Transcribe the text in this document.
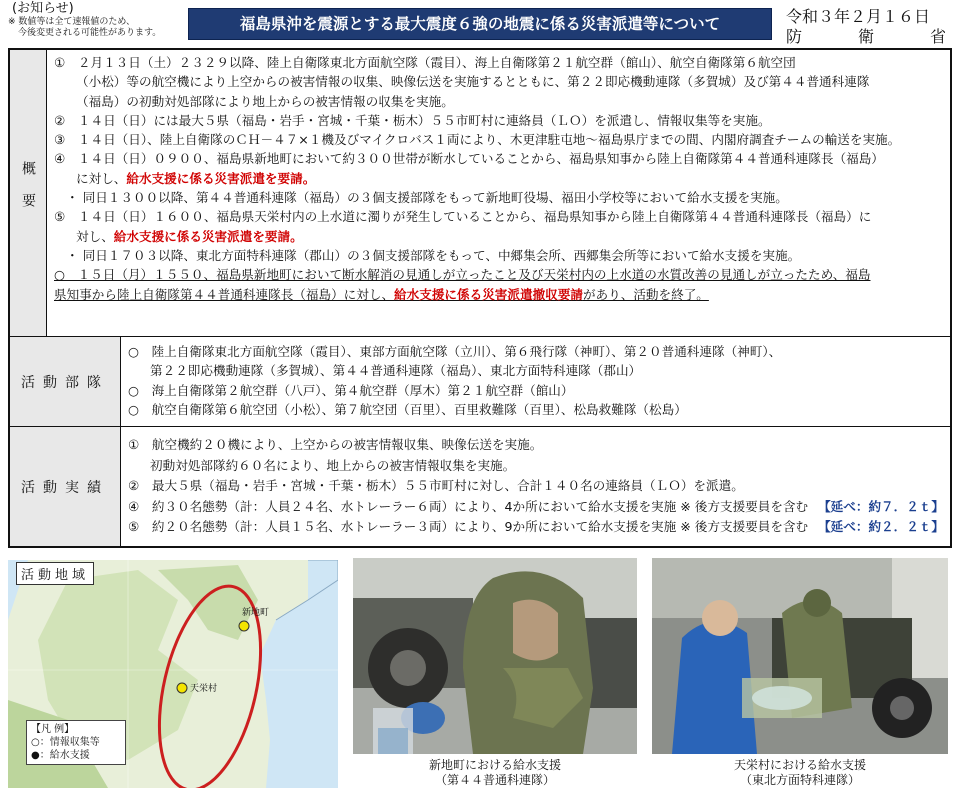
(お知らせ)
※ 数値等は全て速報値のため、
今後変更される可能性があります。	福島県沖を震源とする最大震度６強の地震に係る災害派遣等について	令和３年２月１６日
防	衛	省
概要

①　２月１３日（土）２３２９以降、陸上自衛隊東北方面航空隊（霞目）、海上自衛隊第２１航空群（館山）、航空自衛隊第６航空団

（小松）等の航空機により上空からの被害情報の収集、映像伝送を実施するとともに、第２２即応機動連隊（多賀城）及び第４４普通科連隊

（福島）の初動対処部隊により地上からの被害情報の収集を実施。

②　１４日（日）には最大５県（福島・岩手・宮城・千葉・栃木）５５市町村に連絡員（ＬＯ）を派遣し、情報収集等を実施。

③　１４日（日）、陸上自衛隊のＣＨ－４７×１機及びマイクロバス１両により、木更津駐屯地～福島県庁までの間、内閣府調査チームの輸送を実施。

④　１４日（日）０９００、福島県新地町において約３００世帯が断水していることから、福島県知事から陸上自衛隊第４４普通科連隊長（福島）

に対し、給水支援に係る災害派遣を要請。

・ 同日１３００以降、第４４普通科連隊（福島）の３個支援部隊をもって新地町役場、福田小学校等において給水支援を実施。

⑤　１４日（日）１６００、福島県天栄村内の上水道に濁りが発生していることから、福島県知事から陸上自衛隊第４４普通科連隊長（福島）に

対し、給水支援に係る災害派遣を要請。

・ 同日１７０３以降、東北方面特科連隊（郡山）の３個支援部隊をもって、中郷集会所、西郷集会所等において給水支援を実施。

○　１５日（月）１５５０、福島県新地町において断水解消の見通しが立ったこと及び天栄村内の上水道の水質改善の見通しが立ったため、福島

県知事から陸上自衛隊第４４普通科連隊長（福島）に対し、給水支援に係る災害派遣撤収要請があり、活動を終了。

活動部隊

○　陸上自衛隊東北方面航空隊（霞目）、東部方面航空隊（立川）、第６飛行隊（神町）、第２０普通科連隊（神町）、

第２２即応機動連隊（多賀城）、第４４普通科連隊（福島）、東北方面特科連隊（郡山）

○　海上自衛隊第２航空群（八戸）、第４航空群（厚木）第２１航空群（館山）

○　航空自衛隊第６航空団（小松）、第７航空団（百里）、百里救難隊（百里）、松島救難隊（松島）

活動実績

①　航空機約２０機により、上空からの被害情報収集、映像伝送を実施。

初動対処部隊約６０名により、地上からの被害情報収集を実施。

②　最大５県（福島・岩手・宮城・千葉・栃木）５５市町村に対し、合計１４０名の連絡員（ＬＯ）を派遣。

④　約３０名態勢（計：人員２４名、水トレーラー６両）により、4か所において給水支援を実施 ※ 後方支援要員を含む 【延べ：約７．２ｔ】
⑤　約２０名態勢（計：人員１５名、水トレーラー３両）により、9か所において給水支援を実施 ※ 後方支援要員を含む 【延べ：約２．２ｔ】
新地町
天栄村
活動地域
【凡 例】
○：情報収集等
●：給水支援
新地町における給水支援
（第４４普通科連隊）
天栄村における給水支援
（東北方面特科連隊）
